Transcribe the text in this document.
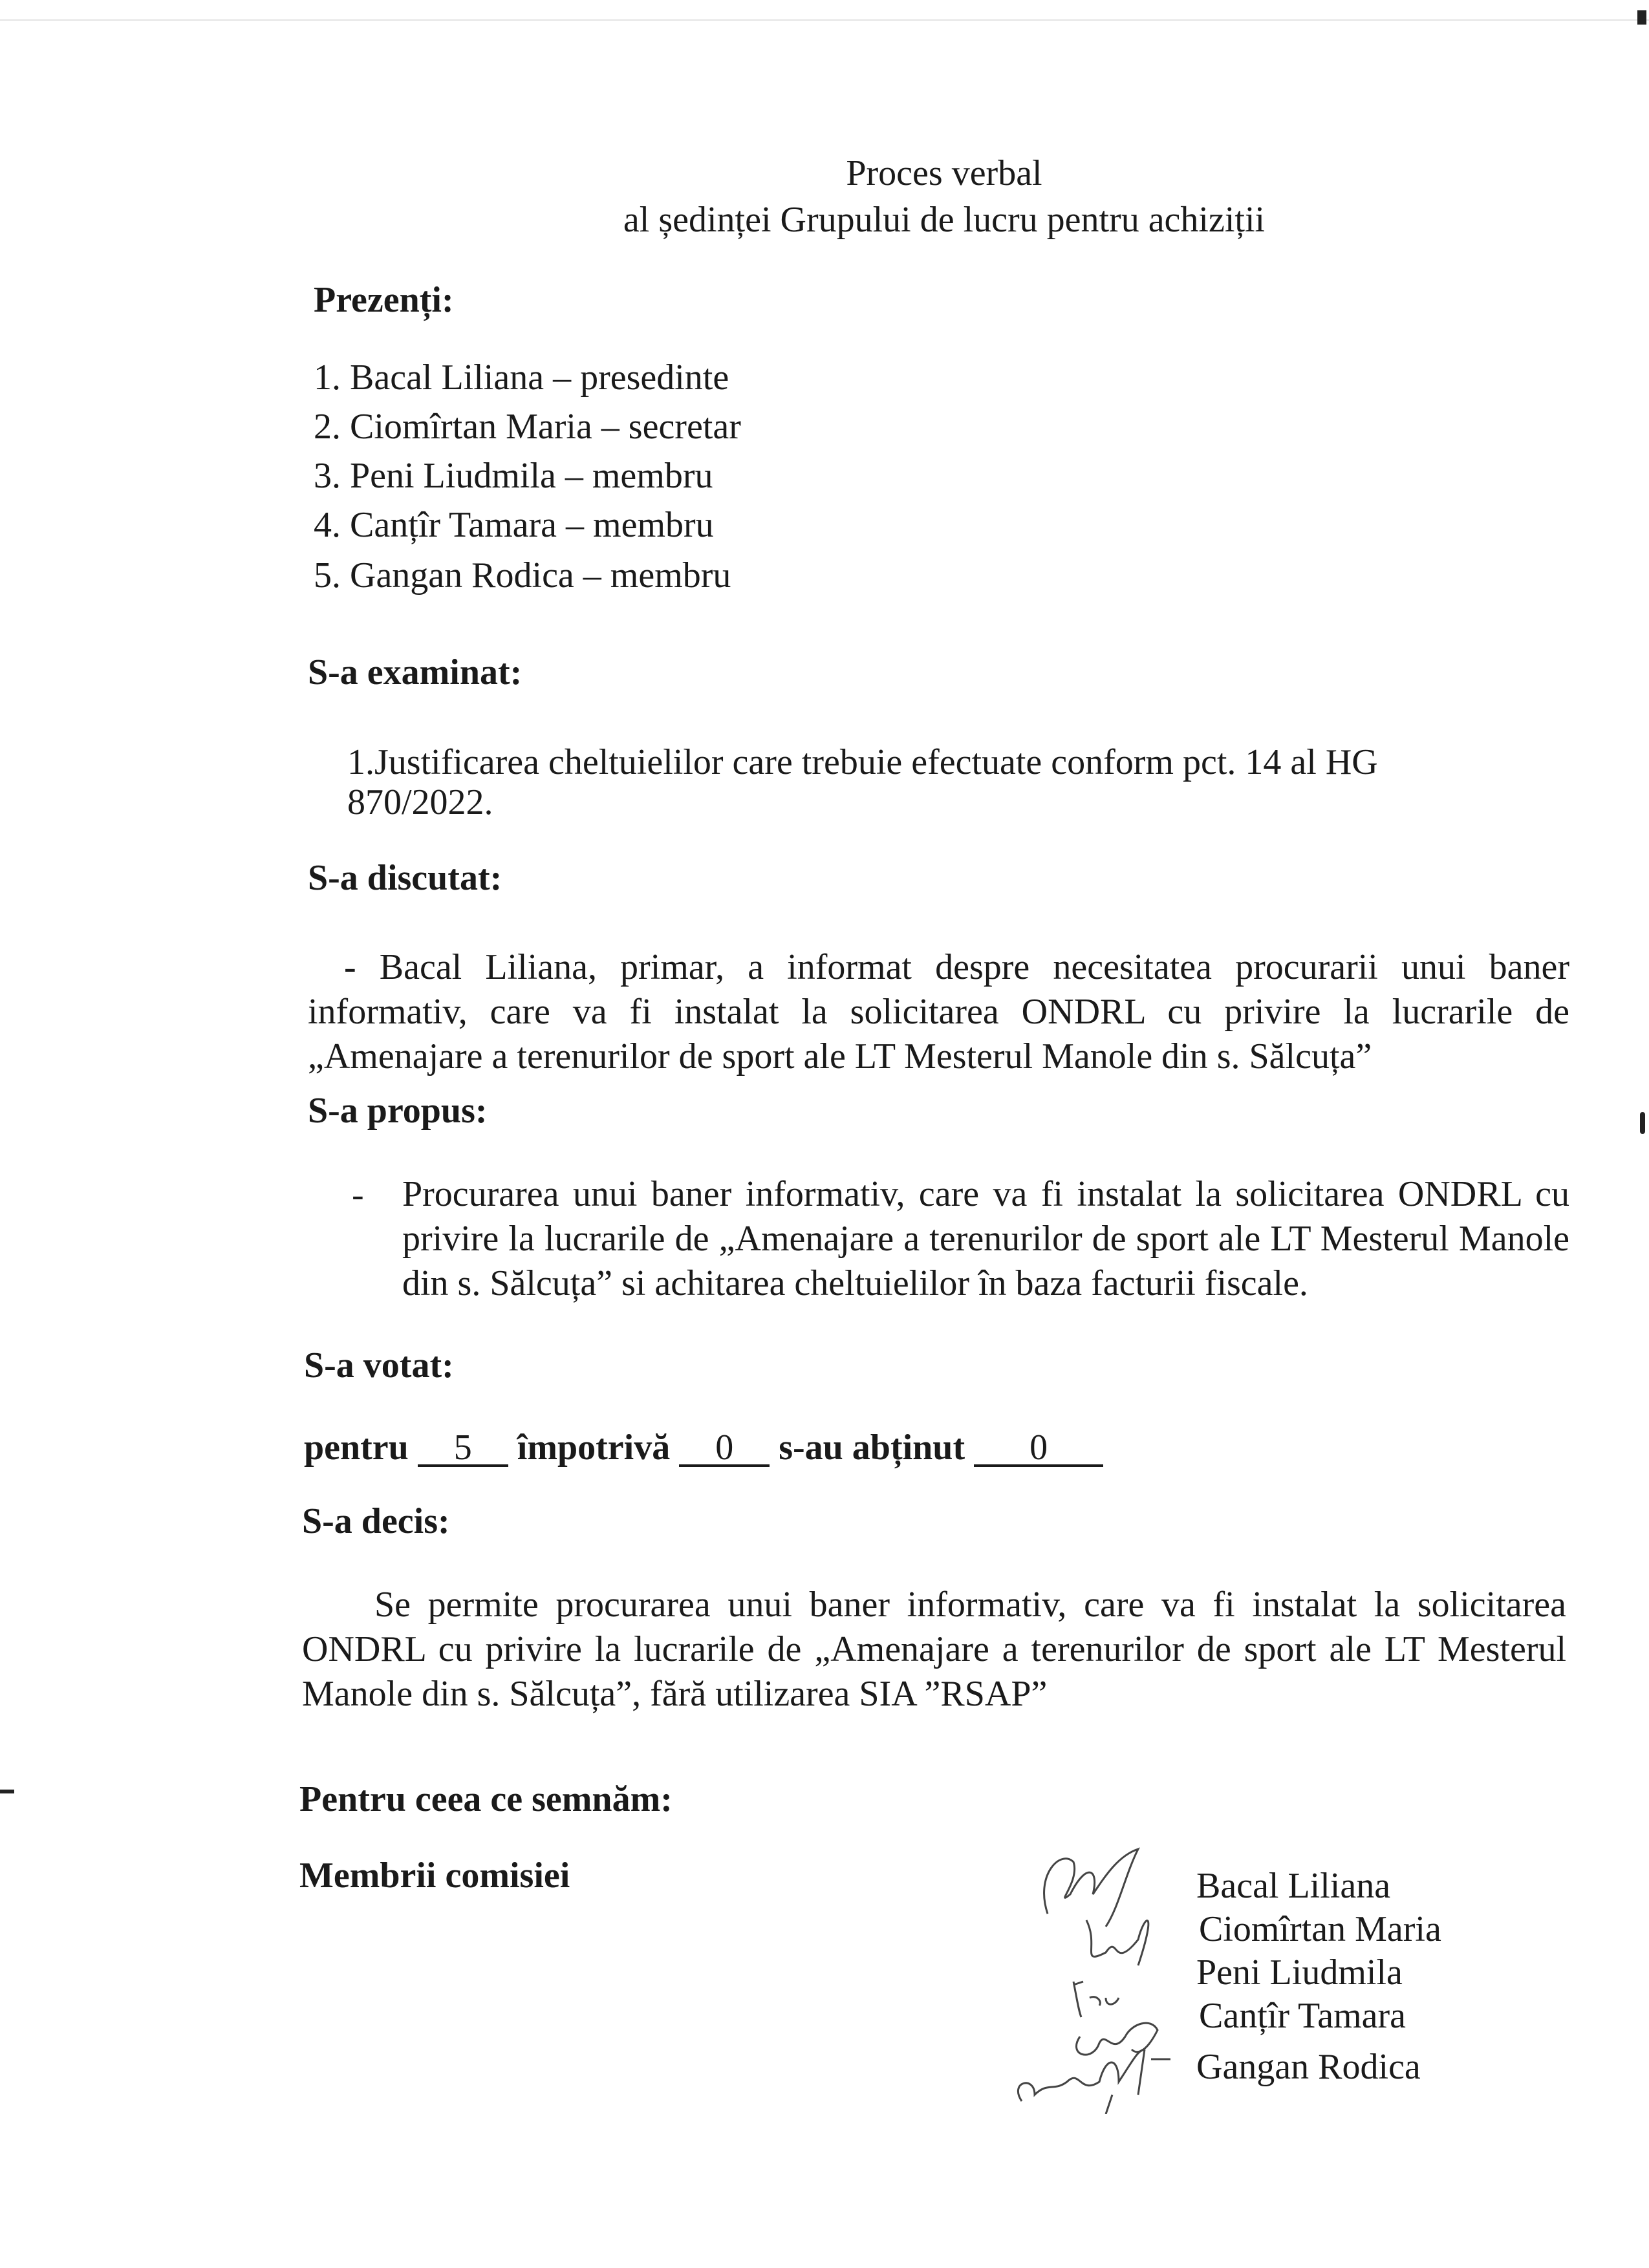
Proces verbal
al ședinței Grupului de lucru pentru achiziții
Prezenți:
1. Bacal Liliana – presedinte
2. Ciomîrtan Maria – secretar
3. Peni Liudmila – membru
4. Canțîr Tamara – membru
5. Gangan Rodica – membru
S-a examinat:
1.Justificarea cheltuielilor care trebuie efectuate conform pct. 14 al HG
870/2022.
S-a discutat:
- Bacal Liliana, primar, a informat despre necesitatea procurarii unui baner informativ, care va fi instalat la solicitarea ONDRL cu privire la lucrarile de „Amenajare a terenurilor de sport ale LT Mesterul Manole din s. Sălcuța”
S-a propus:
- Procurarea unui baner informativ, care va fi instalat la solicitarea ONDRL cu privire la lucrarile de „Amenajare a terenurilor de sport ale LT Mesterul Manole din s. Sălcuța” si achitarea cheltuielilor în baza facturii fiscale.
S-a votat:
pentru 5 împotrivă 0 s-au abținut 0
S-a decis:
Se permite procurarea unui baner informativ, care va fi instalat la solicitarea ONDRL cu privire la lucrarile de „Amenajare a terenurilor de sport ale LT Mesterul Manole din s. Sălcuța”, fără utilizarea SIA ”RSAP”
Pentru ceea ce semnăm:
Membrii comisiei	Bacal Liliana
Ciomîrtan Maria
Peni Liudmila
Canțîr Tamara
Gangan Rodica
